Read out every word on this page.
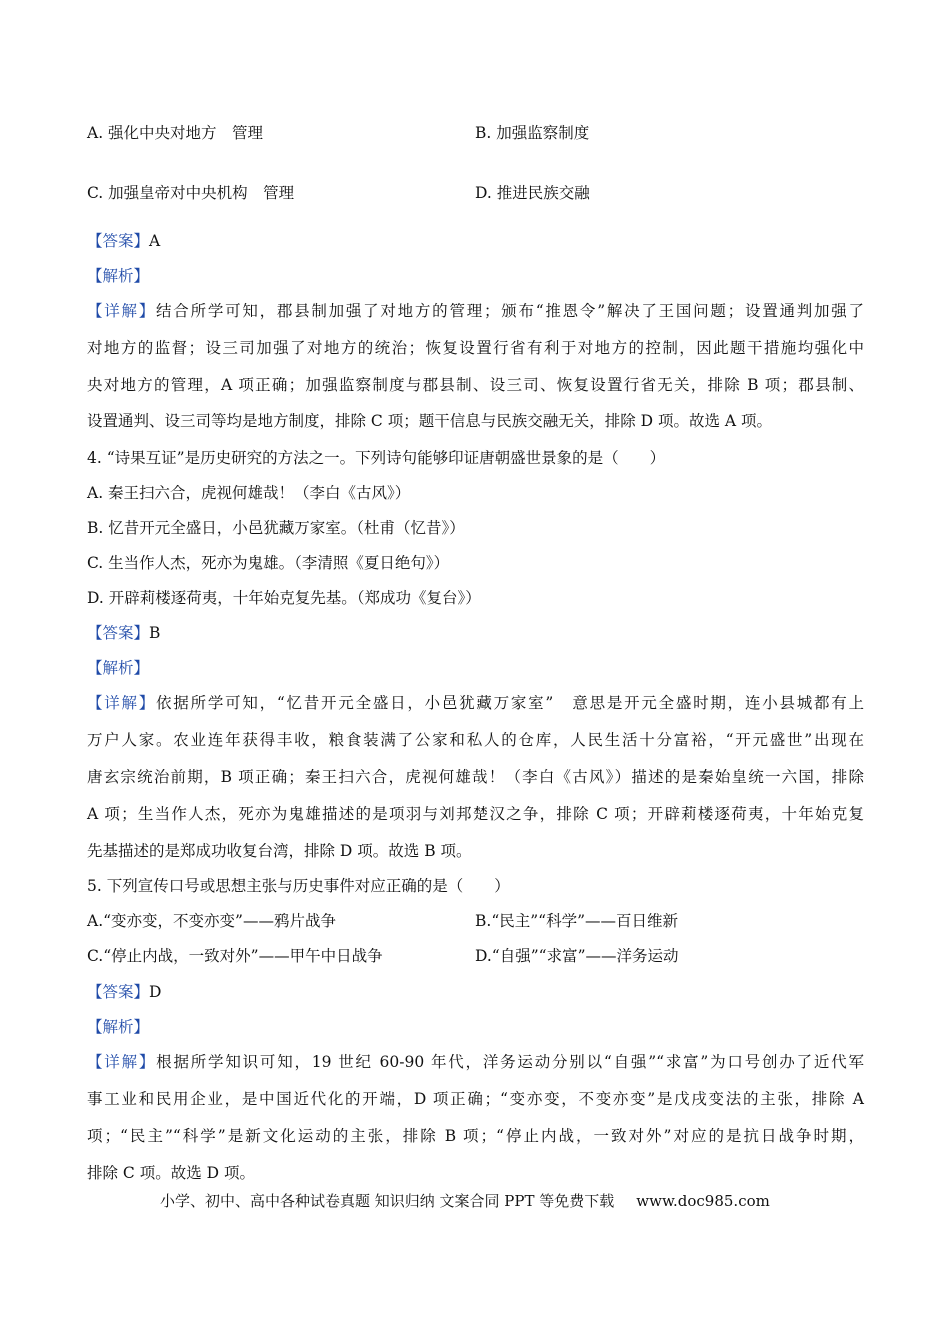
A. 强化中央对地方　管理	B. 加强监察制度
C. 加强皇帝对中央机构　管理	D. 推进民族交融
【答案】A
【解析】
【详解】结合所学可知，郡县制加强了对地方的管理；颁布“推恩令”解决了王国问题；设置通判加强了
对地方的监督；设三司加强了对地方的统治；恢复设置行省有利于对地方的控制，因此题干措施均强化中
央对地方的管理，A 项正确；加强监察制度与郡县制、设三司、恢复设置行省无关，排除 B 项；郡县制、
设置通判、设三司等均是地方制度，排除 C 项；题干信息与民族交融无关，排除 D 项。故选 A 项。
4. “诗果互证”是历史研究的方法之一。下列诗句能够印证唐朝盛世景象的是（　　）
A. 秦王扫六合，虎视何雄哉！（李白《古风》）
B. 忆昔开元全盛日，小邑犹藏万家室。（杜甫（忆昔》）
C. 生当作人杰，死亦为鬼雄。（李清照《夏日绝句》）
D. 开辟莉楼逐荷夷，十年始克复先基。（郑成功《复台》）
【答案】B
【解析】
【详解】依据所学可知，“忆昔开元全盛日，小邑犹藏万家室”　意思是开元全盛时期，连小县城都有上
万户人家。农业连年获得丰收，粮食装满了公家和私人的仓库，人民生活十分富裕，“开元盛世”出现在
唐玄宗统治前期，B 项正确；秦王扫六合，虎视何雄哉！（李白《古风》）描述的是秦始皇统一六国，排除
A 项；生当作人杰，死亦为鬼雄描述的是项羽与刘邦楚汉之争，排除 C 项；开辟莉楼逐荷夷，十年始克复
先基描述的是郑成功收复台湾，排除 D 项。故选 B 项。
5. 下列宣传口号或思想主张与历史事件对应正确的是（　　）
A.“变亦变，不变亦变”——鸦片战争	B.“民主”“科学”——百日维新
C.“停止内战，一致对外”——甲午中日战争	D.“自强”“求富”——洋务运动
【答案】D
【解析】
【详解】根据所学知识可知，19 世纪 60-90 年代，洋务运动分别以“自强”“求富”为口号创办了近代军
事工业和民用企业，是中国近代化的开端，D 项正确；“变亦变，不变亦变”是戊戌变法的主张，排除 A
项；“民主”“科学”是新文化运动的主张，排除 B 项；“停止内战，一致对外”对应的是抗日战争时期，
排除 C 项。故选 D 项。
小学、初中、高中各种试卷真题 知识归纳 文案合同 PPT 等免费下载 www.doc985.com
